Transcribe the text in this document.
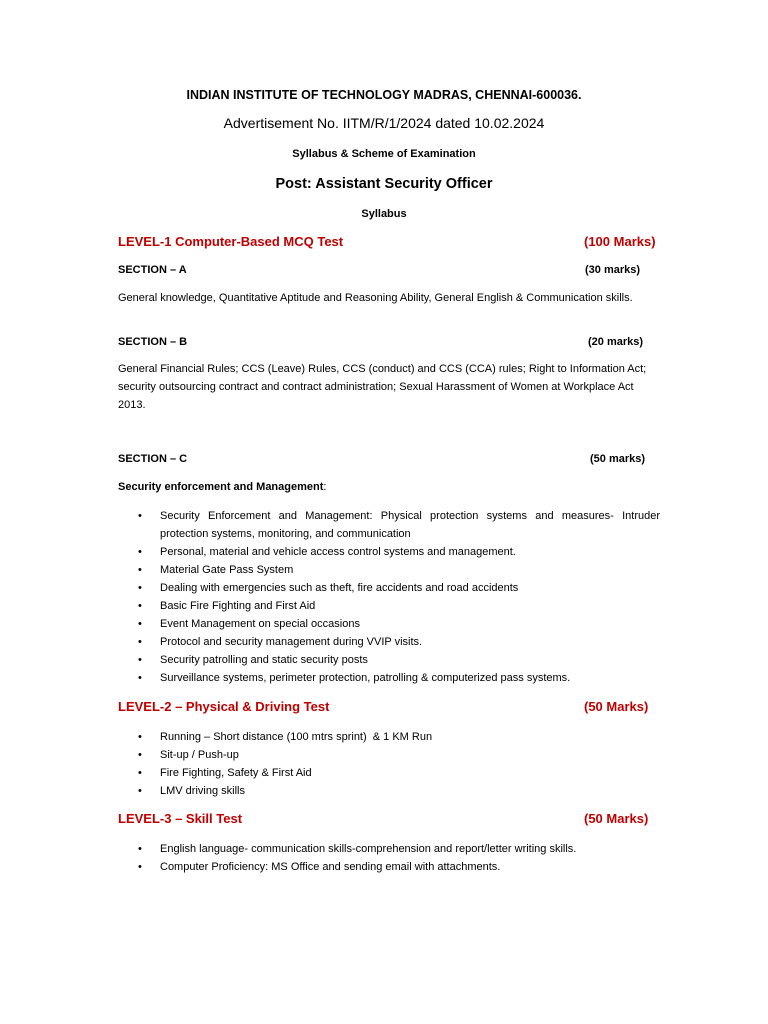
INDIAN INSTITUTE OF TECHNOLOGY MADRAS, CHENNAI-600036.
Advertisement No. IITM/R/1/2024 dated 10.02.2024
Syllabus & Scheme of Examination
Post: Assistant Security Officer
Syllabus
LEVEL-1 Computer-Based MCQ Test	(100 Marks)
SECTION – A	(30 marks)
General knowledge, Quantitative Aptitude and Reasoning Ability, General English & Communication skills.
SECTION – B	(20 marks)
General Financial Rules; CCS (Leave) Rules, CCS (conduct) and CCS (CCA) rules; Right to Information Act; security outsourcing contract and contract administration; Sexual Harassment of Women at Workplace Act 2013.
SECTION – C	(50 marks)
Security enforcement and Management:
• Security Enforcement and Management: Physical protection systems and measures- Intruder protection systems, monitoring, and communication
• Personal, material and vehicle access control systems and management.
• Material Gate Pass System
• Dealing with emergencies such as theft, fire accidents and road accidents
• Basic Fire Fighting and First Aid
• Event Management on special occasions
• Protocol and security management during VVIP visits.
• Security patrolling and static security posts
• Surveillance systems, perimeter protection, patrolling & computerized pass systems.
LEVEL-2 – Physical & Driving Test	(50 Marks)
• Running – Short distance (100 mtrs sprint)  & 1 KM Run
• Sit-up / Push-up
• Fire Fighting, Safety & First Aid
• LMV driving skills
LEVEL-3 – Skill Test	(50 Marks)
• English language- communication skills-comprehension and report/letter writing skills.
• Computer Proficiency: MS Office and sending email with attachments.
